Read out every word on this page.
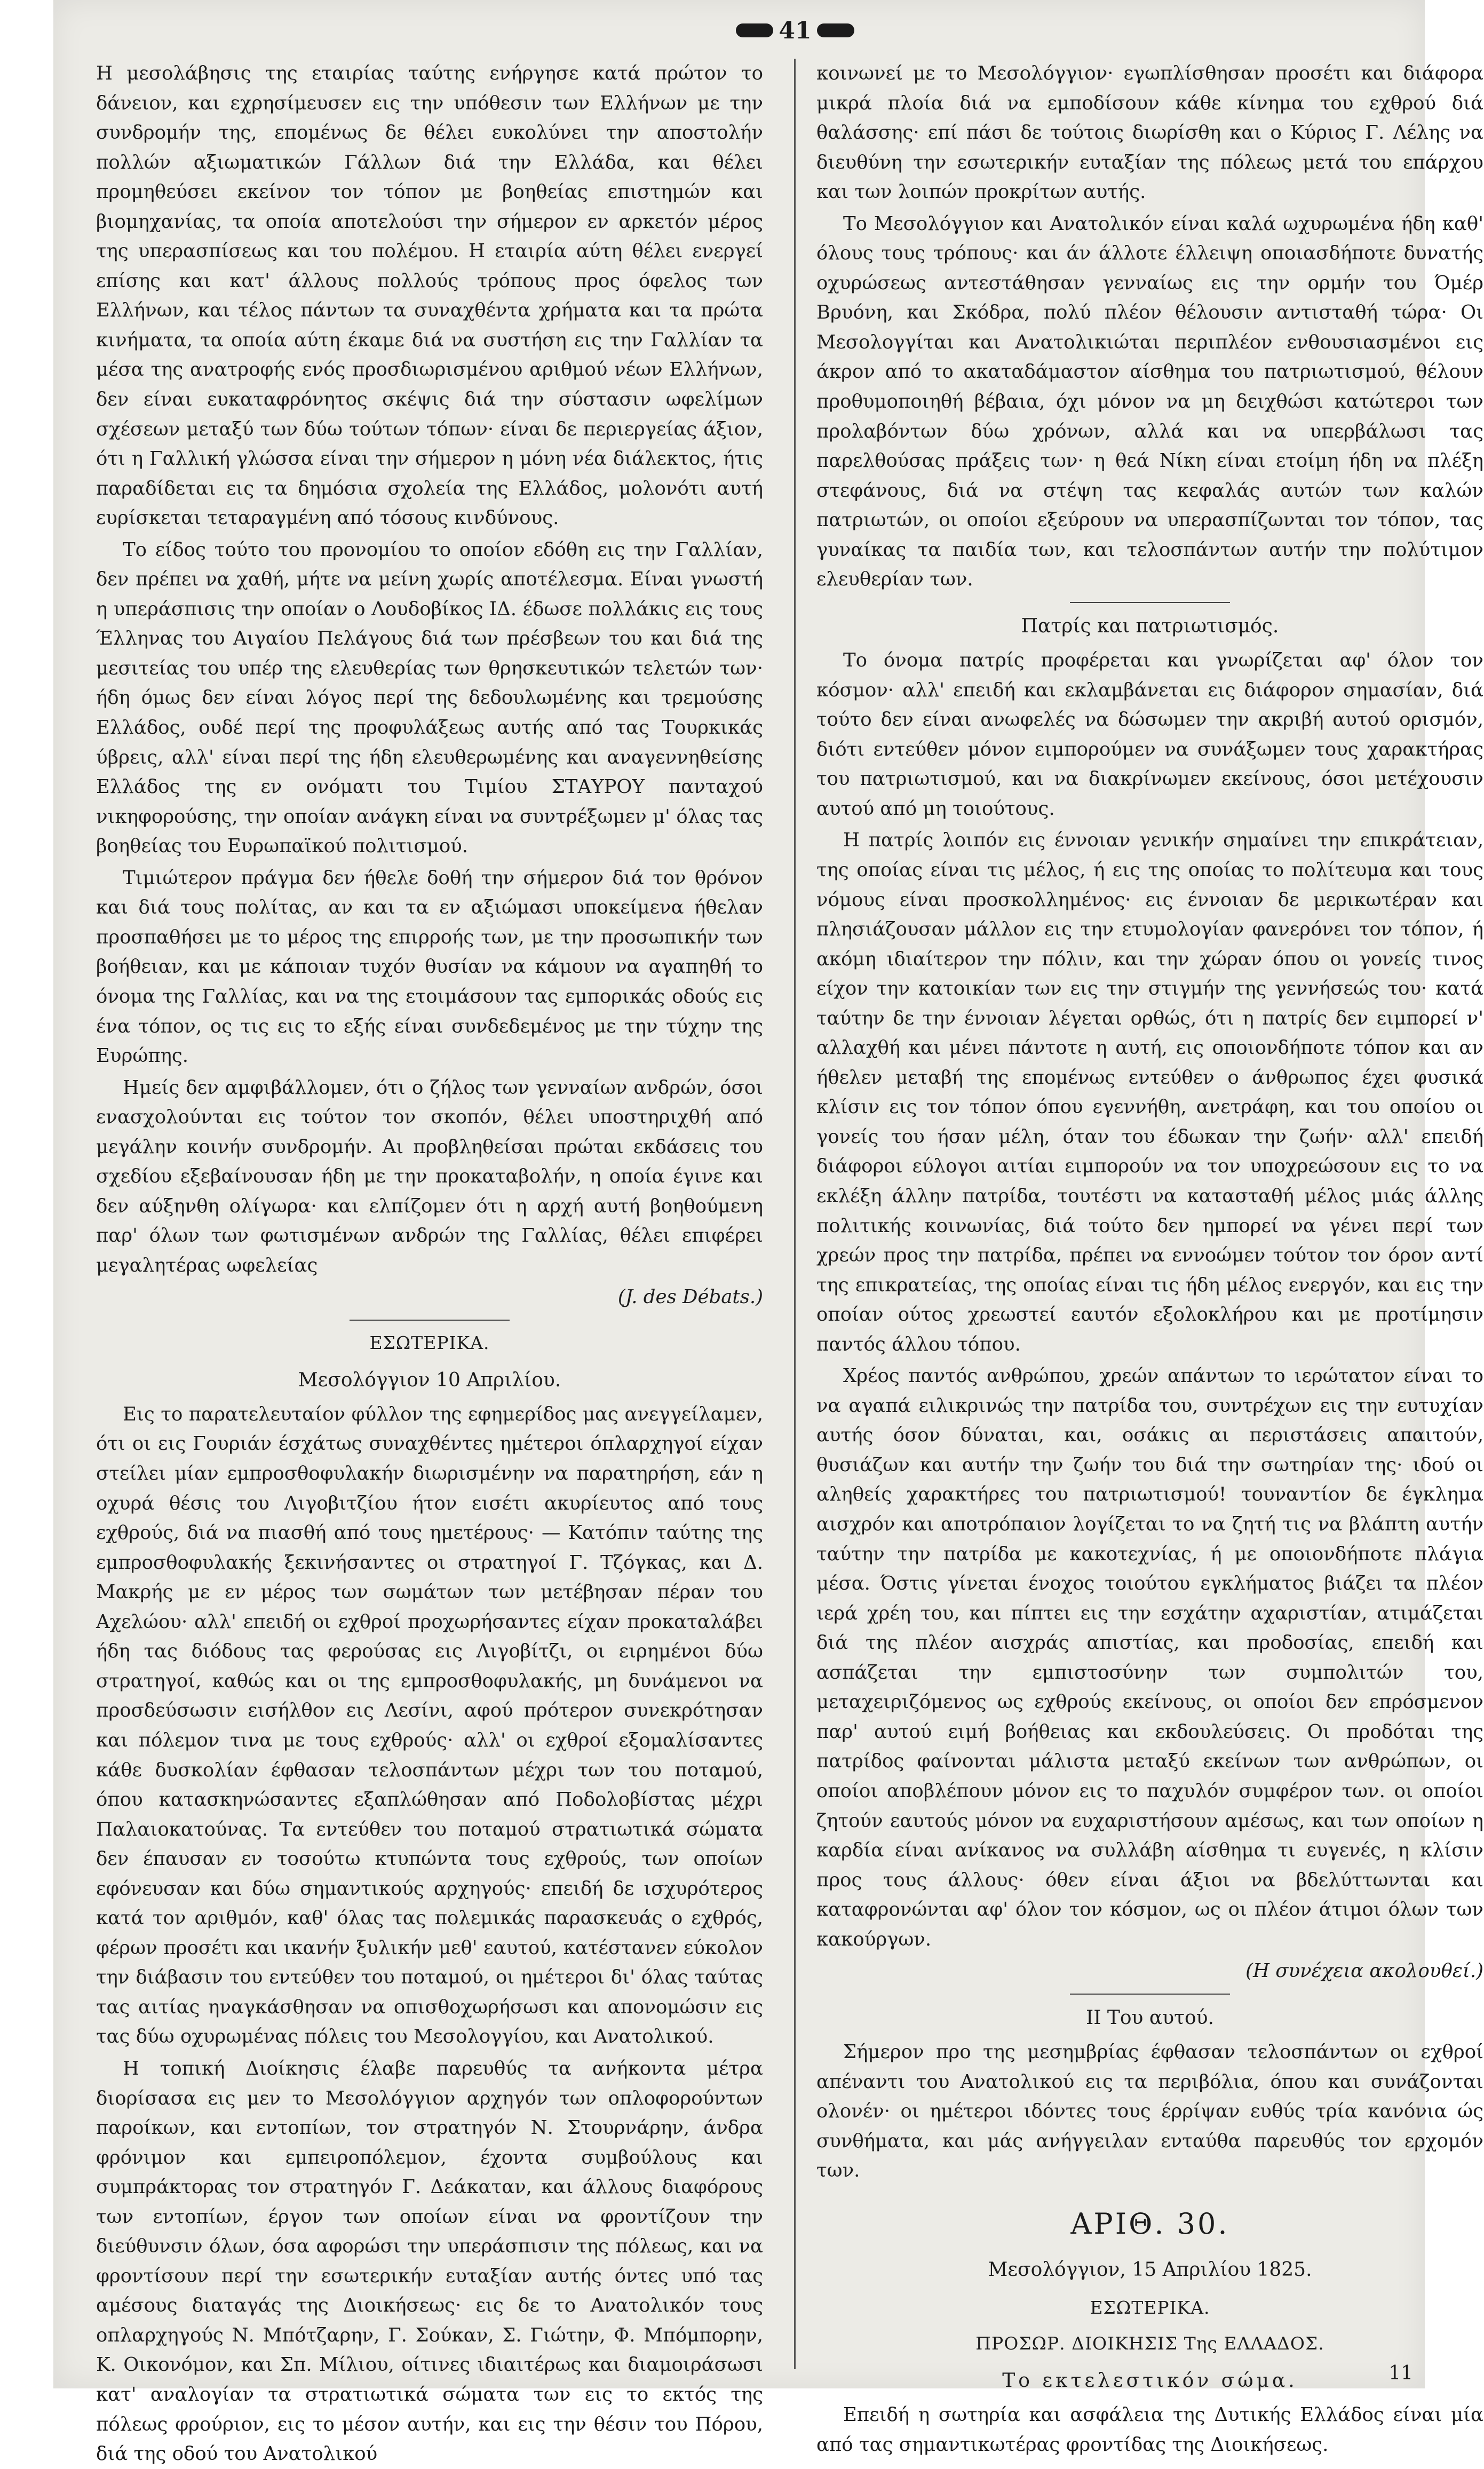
41

Η μεσολάβησις της εταιρίας ταύτης ενήργησε κατά πρώτον το δάνειον, και εχρησίμευσεν εις την υπόθεσιν των Ελλήνων με την συνδρομήν της, επομένως δε θέλει ευκολύνει την αποστολήν πολλών αξιωματικών Γάλλων διά την Ελλάδα, και θέλει προμηθεύσει εκείνον τον τόπον με βοηθείας επιστημών και βιομηχανίας, τα οποία αποτελούσι την σήμερον εν αρκετόν μέρος της υπερασπίσεως και του πολέμου. Η εταιρία αύτη θέλει ενεργεί επίσης και κατ' άλλους πολλούς τρόπους προς όφελος των Ελλήνων, και τέλος πάντων τα συναχθέντα χρήματα και τα πρώτα κινήματα, τα οποία αύτη έκαμε διά να συστήση εις την Γαλλίαν τα μέσα της ανατροφής ενός προσδιωρισμένου αριθμού νέων Ελλήνων, δεν είναι ευκαταφρόνητος σκέψις διά την σύστασιν ωφελίμων σχέσεων μεταξύ των δύω τούτων τόπων· είναι δε περιεργείας άξιον, ότι η Γαλλική γλώσσα είναι την σήμερον η μόνη νέα διάλεκτος, ήτις παραδίδεται εις τα δημόσια σχολεία της Ελλάδος, μολονότι αυτή ευρίσκεται τεταραγμένη από τόσους κινδύνους.

Το είδος τούτο του προνομίου το οποίον εδόθη εις την Γαλλίαν, δεν πρέπει να χαθή, μήτε να μείνη χωρίς αποτέλεσμα. Είναι γνωστή η υπεράσπισις την οποίαν ο Λουδοβίκος ΙΔ. έδωσε πολλάκις εις τους Έλληνας του Αιγαίου Πελάγους διά των πρέσβεων του και διά της μεσιτείας του υπέρ της ελευθερίας των θρησκευτικών τελετών των· ήδη όμως δεν είναι λόγος περί της δεδουλωμένης και τρεμούσης Ελλάδος, ουδέ περί της προφυλάξεως αυτής από τας Τουρκικάς ύβρεις, αλλ' είναι περί της ήδη ελευθερωμένης και αναγεννηθείσης Ελλάδος της εν ονόματι του Τιμίου ΣΤΑΥΡΟΥ πανταχού νικηφορούσης, την οποίαν ανάγκη είναι να συντρέξωμεν μ' όλας τας βοηθείας του Ευρωπαϊκού πολιτισμού.

Τιμιώτερον πράγμα δεν ήθελε δοθή την σήμερον διά τον θρόνον και διά τους πολίτας, αν και τα εν αξιώμασι υποκείμενα ήθελαν προσπαθήσει με το μέρος της επιρροής των, με την προσωπικήν των βοήθειαν, και με κάποιαν τυχόν θυσίαν να κάμουν να αγαπηθή το όνομα της Γαλλίας, και να της ετοιμάσουν τας εμπορικάς οδούς εις ένα τόπον, ος τις εις το εξής είναι συνδεδεμένος με την τύχην της Ευρώπης.

Ημείς δεν αμφιβάλλομεν, ότι ο ζήλος των γενναίων ανδρών, όσοι ενασχολούνται εις τούτον τον σκοπόν, θέλει υποστηριχθή από μεγάλην κοινήν συνδρομήν. Αι προβληθείσαι πρώται εκδάσεις του σχεδίου εξεβαίνουσαν ήδη με την προκαταβολήν, η οποία έγινε και δεν αύξηνθη ολίγωρα· και ελπίζομεν ότι η αρχή αυτή βοηθούμενη παρ' όλων των φωτισμένων ανδρών της Γαλλίας, θέλει επιφέρει μεγαλητέρας ωφελείας

(J. des Débats.)
ΕΣΩΤΕΡΙΚΑ.
Μεσολόγγιον 10 Απριλίου.

Εις το παρατελευταίον φύλλον της εφημερίδος μας ανεγγείλαμεν, ότι οι εις Γουριάν έσχάτως συναχθέντες ημέτεροι όπλαρχηγοί είχαν στείλει μίαν εμπροσθοφυλακήν διωρισμένην να παρατηρήση, εάν η οχυρά θέσις του Λιγοβιτζίου ήτον εισέτι ακυρίευτος από τους εχθρούς, διά να πιασθή από τους ημετέρους· — Κατόπιν ταύτης της εμπροσθοφυλακής ξεκινήσαντες οι στρατηγοί Γ. Τζόγκας, και Δ. Μακρής με εν μέρος των σωμάτων των μετέβησαν πέραν του Αχελώου· αλλ' επειδή οι εχθροί προχωρήσαντες είχαν προκαταλάβει ήδη τας διόδους τας φερούσας εις Λιγοβίτζι, οι ειρημένοι δύω στρατηγοί, καθώς και οι της εμπροσθοφυλακής, μη δυνάμενοι να προσδεύσωσιν εισήλθον εις Λεσίνι, αφού πρότερον συνεκρότησαν και πόλεμον τινα με τους εχθρούς· αλλ' οι εχθροί εξομαλίσαντες κάθε δυσκολίαν έφθασαν τελοσπάντων μέχρι των του ποταμού, όπου κατασκηνώσαντες εξαπλώθησαν από Ποδολοβίστας μέχρι Παλαιοκατούνας. Τα εντεύθεν του ποταμού στρατιωτικά σώματα δεν έπαυσαν εν τοσούτω κτυπώντα τους εχθρούς, των οποίων εφόνευσαν και δύω σημαντικούς αρχηγούς· επειδή δε ισχυρότερος κατά τον αριθμόν, καθ' όλας τας πολεμικάς παρασκευάς ο εχθρός, φέρων προσέτι και ικανήν ξυλικήν μεθ' εαυτού, κατέστανεν εύκολον την διάβασιν του εντεύθεν του ποταμού, οι ημέτεροι δι' όλας ταύτας τας αιτίας ηναγκάσθησαν να οπισθοχωρήσωσι και απονομώσιν εις τας δύω οχυρωμένας πόλεις του Μεσολογγίου, και Ανατολικού.

Η τοπική Διοίκησις έλαβε παρευθύς τα ανήκοντα μέτρα διορίσασα εις μεν το Μεσολόγγιον αρχηγόν των οπλοφορούντων παροίκων, και εντοπίων, τον στρατηγόν Ν. Στουρνάρην, άνδρα φρόνιμον και εμπειροπόλεμον, έχοντα συμβούλους και συμπράκτορας τον στρατηγόν Γ. Δεάκαταν, και άλλους διαφόρους των εντοπίων, έργον των οποίων είναι να φροντίζουν την διεύθυνσιν όλων, όσα αφορώσι την υπεράσπισιν της πόλεως, και να φροντίσουν περί την εσωτερικήν ευταξίαν αυτής όντες υπό τας αμέσους διαταγάς της Διοικήσεως· εις δε το Ανατολικόν τους οπλαρχηγούς Ν. Μπότζαρην, Γ. Σούκαν, Σ. Γιώτην, Φ. Μπόμπορην, Κ. Οικονόμον, και Σπ. Μίλιου, οίτινες ιδιαιτέρως και διαμοιράσωσι κατ' αναλογίαν τα στρατιωτικά σώματα των εις το εκτός της πόλεως φρούριον, εις το μέσον αυτήν, και εις την θέσιν του Πόρου, διά της οδού του Ανατολικού

κοινωνεί με το Μεσολόγγιον· εγωπλίσθησαν προσέτι και διάφορα μικρά πλοία διά να εμποδίσουν κάθε κίνημα του εχθρού διά θαλάσσης· επί πάσι δε τούτοις διωρίσθη και ο Κύριος Γ. Λέλης να διευθύνη την εσωτερικήν ευταξίαν της πόλεως μετά του επάρχου και των λοιπών προκρίτων αυτής.

Το Μεσολόγγιον και Ανατολικόν είναι καλά ωχυρωμένα ήδη καθ' όλους τους τρόπους· και άν άλλοτε έλλειψη οποιασδήποτε δυνατής οχυρώσεως αντεστάθησαν γενναίως εις την ορμήν του Όμέρ Βρυόνη, και Σκόδρα, πολύ πλέον θέλουσιν αντισταθή τώρα· Οι Μεσολογγίται και Ανατολικιώται περιπλέον ενθουσιασμένοι εις άκρον από το ακαταδάμαστον αίσθημα του πατριωτισμού, θέλουν προθυμοποιηθή βέβαια, όχι μόνον να μη δειχθώσι κατώτεροι των προλαβόντων δύω χρόνων, αλλά και να υπερβάλωσι τας παρελθούσας πράξεις των· η θεά Νίκη είναι ετοίμη ήδη να πλέξη στεφάνους, διά να στέψη τας κεφαλάς αυτών των καλών πατριωτών, οι οποίοι εξεύρουν να υπερασπίζωνται τον τόπον, τας γυναίκας τα παιδία των, και τελοσπάντων αυτήν την πολύτιμον ελευθερίαν των.

Πατρίς και πατριωτισμός.

Το όνομα πατρίς προφέρεται και γνωρίζεται αφ' όλον τον κόσμον· αλλ' επειδή και εκλαμβάνεται εις διάφορον σημασίαν, διά τούτο δεν είναι ανωφελές να δώσωμεν την ακριβή αυτού ορισμόν, διότι εντεύθεν μόνον ειμπορούμεν να συνάξωμεν τους χαρακτήρας του πατριωτισμού, και να διακρίνωμεν εκείνους, όσοι μετέχουσιν αυτού από μη τοιούτους.

Η πατρίς λοιπόν εις έννοιαν γενικήν σημαίνει την επικράτειαν, της οποίας είναι τις μέλος, ή εις της οποίας το πολίτευμα και τους νόμους είναι προσκολλημένος· εις έννοιαν δε μερικωτέραν και πλησιάζουσαν μάλλον εις την ετυμολογίαν φανερόνει τον τόπον, ή ακόμη ιδιαίτερον την πόλιν, και την χώραν όπου οι γονείς τινος είχον την κατοικίαν των εις την στιγμήν της γεννήσεώς του· κατά ταύτην δε την έννοιαν λέγεται ορθώς, ότι η πατρίς δεν ειμπορεί ν' αλλαχθή και μένει πάντοτε η αυτή, εις οποιονδήποτε τόπον και αν ήθελεν μεταβή της επομένως εντεύθεν ο άνθρωπος έχει φυσικά κλίσιν εις τον τόπον όπου εγεννήθη, ανετράφη, και του οποίου οι γονείς του ήσαν μέλη, όταν του έδωκαν την ζωήν· αλλ' επειδή διάφοροι εύλογοι αιτίαι ειμπορούν να τον υποχρεώσουν εις το να εκλέξη άλλην πατρίδα, τουτέστι να κατασταθή μέλος μιάς άλλης πολιτικής κοινωνίας, διά τούτο δεν ημπορεί να γένει περί των χρεών προς την πατρίδα, πρέπει να εννοώμεν τούτον τον όρον αντί της επικρατείας, της οποίας είναι τις ήδη μέλος ενεργόν, και εις την οποίαν ούτος χρεωστεί εαυτόν εξολοκλήρου και με προτίμησιν παντός άλλου τόπου.

Χρέος παντός ανθρώπου, χρεών απάντων το ιερώτατον είναι το να αγαπά ειλικρινώς την πατρίδα του, συντρέχων εις την ευτυχίαν αυτής όσον δύναται, και, οσάκις αι περιστάσεις απαιτούν, θυσιάζων και αυτήν την ζωήν του διά την σωτηρίαν της· ιδού οι αληθείς χαρακτήρες του πατριωτισμού! τουναντίον δε έγκλημα αισχρόν και αποτρόπαιον λογίζεται το να ζητή τις να βλάπτη αυτήν ταύτην την πατρίδα με κακοτεχνίας, ή με οποιονδήποτε πλάγια μέσα. Όστις γίνεται ένοχος τοιούτου εγκλήματος βιάζει τα πλέον ιερά χρέη του, και πίπτει εις την εσχάτην αχαριστίαν, ατιμάζεται διά της πλέον αισχράς απιστίας, και προδοσίας, επειδή και ασπάζεται την εμπιστοσύνην των συμπολιτών του, μεταχειριζόμενος ως εχθρούς εκείνους, οι οποίοι δεν επρόσμενον παρ' αυτού ειμή βοήθειας και εκδουλεύσεις. Οι προδόται της πατρίδος φαίνονται μάλιστα μεταξύ εκείνων των ανθρώπων, οι οποίοι αποβλέπουν μόνον εις το παχυλόν συμφέρον των. οι οποίοι ζητούν εαυτούς μόνον να ευχαριστήσουν αμέσως, και των οποίων η καρδία είναι ανίκανος να συλλάβη αίσθημα τι ευγενές, η κλίσιν προς τους άλλους· όθεν είναι άξιοι να βδελύττωνται και καταφρονώνται αφ' όλον τον κόσμον, ως οι πλέον άτιμοι όλων των κακούργων.

(Η συνέχεια ακολουθεί.)
ΙΙ Του αυτού.

Σήμερον προ της μεσημβρίας έφθασαν τελοσπάντων οι εχθροί απέναντι του Ανατολικού εις τα περιβόλια, όπου και συνάζονται ολονέν· οι ημέτεροι ιδόντες τους έρρίψαν ευθύς τρία κανόνια ώς συνθήματα, και μάς ανήγγειλαν ενταύθα παρευθύς τον ερχομόν των.

ΑΡΙΘ. 30.
Μεσολόγγιον, 15 Απριλίου 1825.
ΕΣΩΤΕΡΙΚΑ.
ΠΡΟΣΩΡ. ΔΙΟΙΚΗΣΙΣ Της ΕΛΛΑΔΟΣ.
Το εκτελεστικόν σώμα.

Επειδή η σωτηρία και ασφάλεια της Δυτικής Ελλάδος είναι μία από τας σημαντικωτέρας φροντίδας της Διοικήσεως.

11
